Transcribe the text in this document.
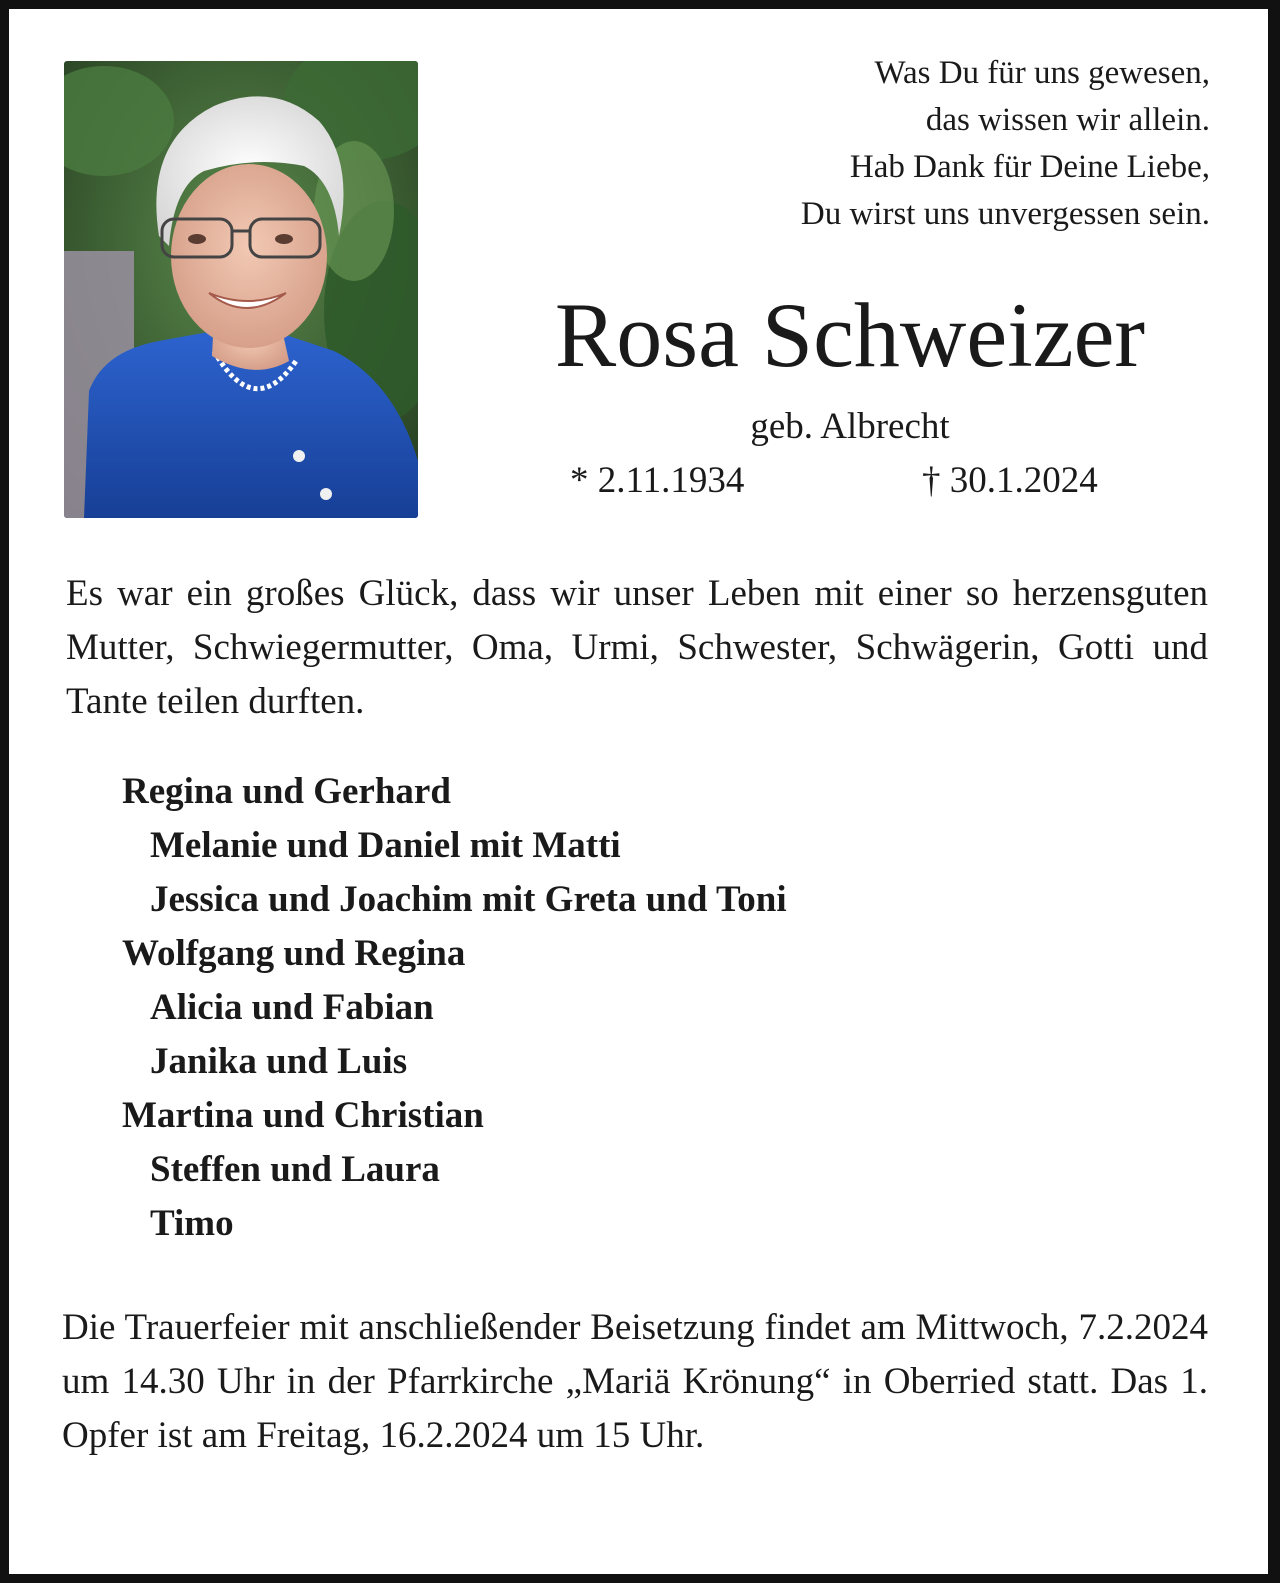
Was Du für uns gewesen,
das wissen wir allein.
Hab Dank für Deine Liebe,
Du wirst uns unvergessen sein.
Rosa Schweizer
geb. Albrecht
* 2.11.1934	† 30.1.2024
Es war ein großes Glück, dass wir unser Leben mit einer so herzensguten Mutter, Schwiegermutter, Oma, Urmi, Schwester, Schwägerin, Gotti und Tante teilen durften.
Regina und Gerhard
Melanie und Daniel mit Matti
Jessica und Joachim mit Greta und Toni
Wolfgang und Regina
Alicia und Fabian
Janika und Luis
Martina und Christian
Steffen und Laura
Timo
Die Trauerfeier mit anschließender Beisetzung findet am Mittwoch, 7.2.2024 um 14.30 Uhr in der Pfarrkirche „Mariä Krönung“ in Oberried statt. Das 1. Opfer ist am Freitag, 16.2.2024 um 15 Uhr.
